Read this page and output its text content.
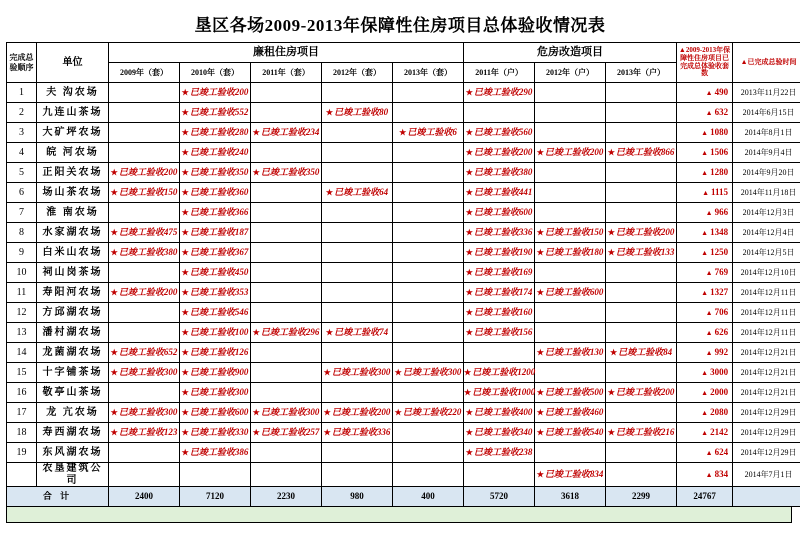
垦区各场2009-2013年保障性住房项目总体验收情况表
完成总验顺序	单位	廉租住房项目					危房改造项目			▲2009-2013年保障性住房项目已完成总体验收套数	▲已完成总验时间
		2009年（套）	2010年（套）	2011年（套）	2012年（套）	2013年（套）	2011年（户）	2012年（户）	2013年（户）		
1	夫 沟农场		★已竣工验收200				★已竣工验收290			▲ 490	2013年11月22日
2	九连山茶场		★已竣工验收552		★已竣工验收80					▲ 632	2014年6月15日
3	大矿坪农场		★已竣工验收280	★已竣工验收234		★已竣工验收6	★已竣工验收560			▲ 1080	2014年8月1日
4	皖 河农场		★已竣工验收240				★已竣工验收200	★已竣工验收200	★已竣工验收866	▲ 1506	2014年9月4日
5	正阳关农场	★已竣工验收200	★已竣工验收350	★已竣工验收350			★已竣工验收380			▲ 1280	2014年9月20日
6	场山茶农场	★已竣工验收150	★已竣工验收360		★已竣工验收64		★已竣工验收441			▲ 1115	2014年11月18日
7	淮 南农场		★已竣工验收366				★已竣工验收600			▲ 966	2014年12月3日
8	水家湖农场	★已竣工验收475	★已竣工验收187				★已竣工验收336	★已竣工验收150	★已竣工验收200	▲ 1348	2014年12月4日
9	白米山农场	★已竣工验收380	★已竣工验收367				★已竣工验收190	★已竣工验收180	★已竣工验收133	▲ 1250	2014年12月5日
10	祠山岗茶场		★已竣工验收450				★已竣工验收169			▲ 769	2014年12月10日
11	寿阳河农场	★已竣工验收200	★已竣工验收353				★已竣工验收174	★已竣工验收600		▲ 1327	2014年12月11日
12	方邱湖农场		★已竣工验收546				★已竣工验收160			▲ 706	2014年12月11日
13	潘村湖农场		★已竣工验收100	★已竣工验收296	★已竣工验收74		★已竣工验收156			▲ 626	2014年12月11日
14	龙菌湖农场	★已竣工验收652	★已竣工验收126					★已竣工验收130	★已竣工验收84	▲ 992	2014年12月21日
15	十字铺茶场	★已竣工验收300	★已竣工验收900		★已竣工验收300	★已竣工验收300	★已竣工验收1200			▲ 3000	2014年12月21日
16	敬亭山茶场		★已竣工验收300				★已竣工验收1000	★已竣工验收500	★已竣工验收200	▲ 2000	2014年12月21日
17	龙 亢农场	★已竣工验收300	★已竣工验收600	★已竣工验收300	★已竣工验收200	★已竣工验收220	★已竣工验收400	★已竣工验收460		▲ 2080	2014年12月29日
18	寿西湖农场	★已竣工验收123	★已竣工验收330	★已竣工验收257	★已竣工验收336		★已竣工验收340	★已竣工验收540	★已竣工验收216	▲ 2142	2014年12月29日
19	东风湖农场		★已竣工验收386				★已竣工验收238			▲ 624	2014年12月29日
	农垦建筑公司							★已竣工验收834		▲ 834	2014年7月1日
合 计		2400	7120	2230	980	400	5720	3618	2299	24767	
